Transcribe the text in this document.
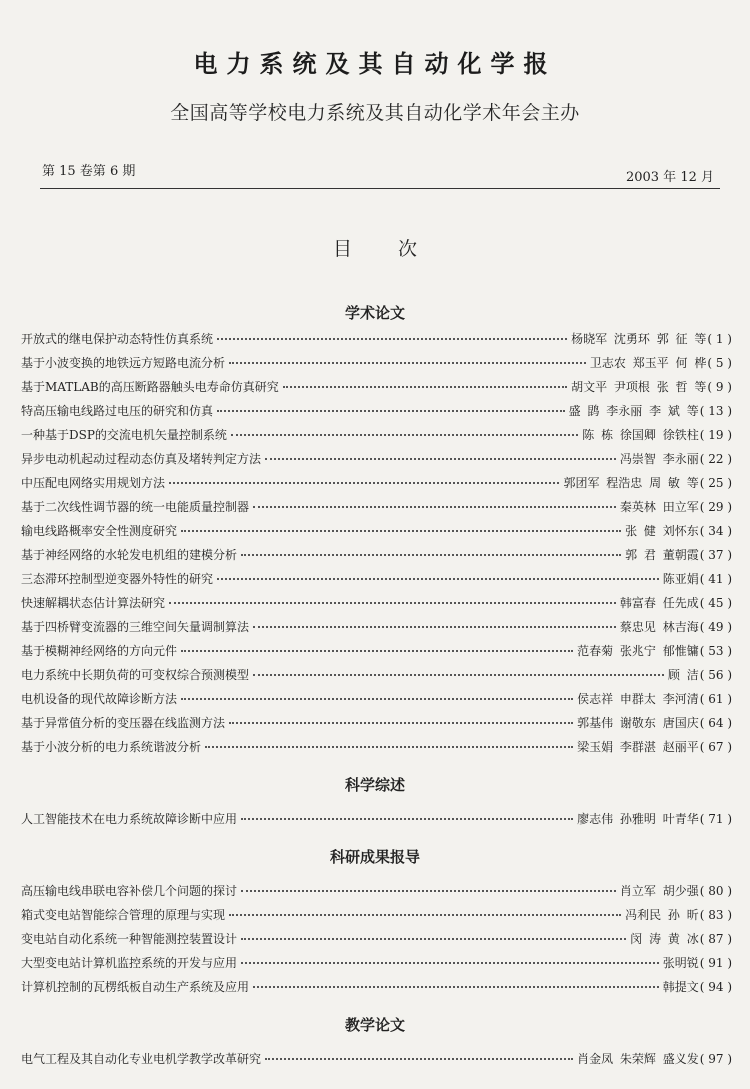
电力系统及其自动化学报
全国高等学校电力系统及其自动化学术年会主办
第 15 卷第 6 期	2003 年 12 月
目 次
学术论文
开放式的继电保护动态特性仿真系统	杨晓军 沈勇环 郭 征 等 ( 1 )
基于小波变换的地铁远方短路电流分析	卫志农 郑玉平 何 桦 ( 5 )
基于MATLAB的高压断路器触头电寿命仿真研究	胡文平 尹项根 张 哲 等 ( 9 )
特高压输电线路过电压的研究和仿真	盛 鹍 李永丽 李 斌 等 ( 13 )
一种基于DSP的交流电机矢量控制系统	陈 栋 徐国卿 徐铁柱 ( 19 )
异步电动机起动过程动态仿真及堵转判定方法	冯崇智 李永丽 ( 22 )
中压配电网络实用规划方法	郭团军 程浩忠 周 敏 等 ( 25 )
基于二次线性调节器的统一电能质量控制器	秦英林 田立军 ( 29 )
输电线路概率安全性测度研究	张 健 刘怀东 ( 34 )
基于神经网络的水轮发电机组的建模分析	郭 君 董朝霞 ( 37 )
三态滞环控制型逆变器外特性的研究	陈亚娟 ( 41 )
快速解耦状态估计算法研究	韩富春 任先成 ( 45 )
基于四桥臂变流器的三维空间矢量调制算法	蔡忠见 林吉海 ( 49 )
基于模糊神经网络的方向元件	范春菊 张兆宁 郁惟镛 ( 53 )
电力系统中长期负荷的可变权综合预测模型	顾 洁 ( 56 )
电机设备的现代故障诊断方法	侯志祥 申群太 李河清 ( 61 )
基于异常值分析的变压器在线监测方法	郭基伟 谢敬东 唐国庆 ( 64 )
基于小波分析的电力系统谐波分析	梁玉娟 李群湛 赵丽平 ( 67 )
科学综述
人工智能技术在电力系统故障诊断中应用	廖志伟 孙雅明 叶青华 ( 71 )
科研成果报导
高压输电线串联电容补偿几个问题的探讨	肖立军 胡少强 ( 80 )
箱式变电站智能综合管理的原理与实现	冯利民 孙 昕 ( 83 )
变电站自动化系统一种智能测控装置设计	闵 涛 黄 冰 ( 87 )
大型变电站计算机监控系统的开发与应用	张明锐 ( 91 )
计算机控制的瓦楞纸板自动生产系统及应用	韩提文 ( 94 )
教学论文
电气工程及其自动化专业电机学教学改革研究	肖金凤 朱荣辉 盛义发 ( 97 )
